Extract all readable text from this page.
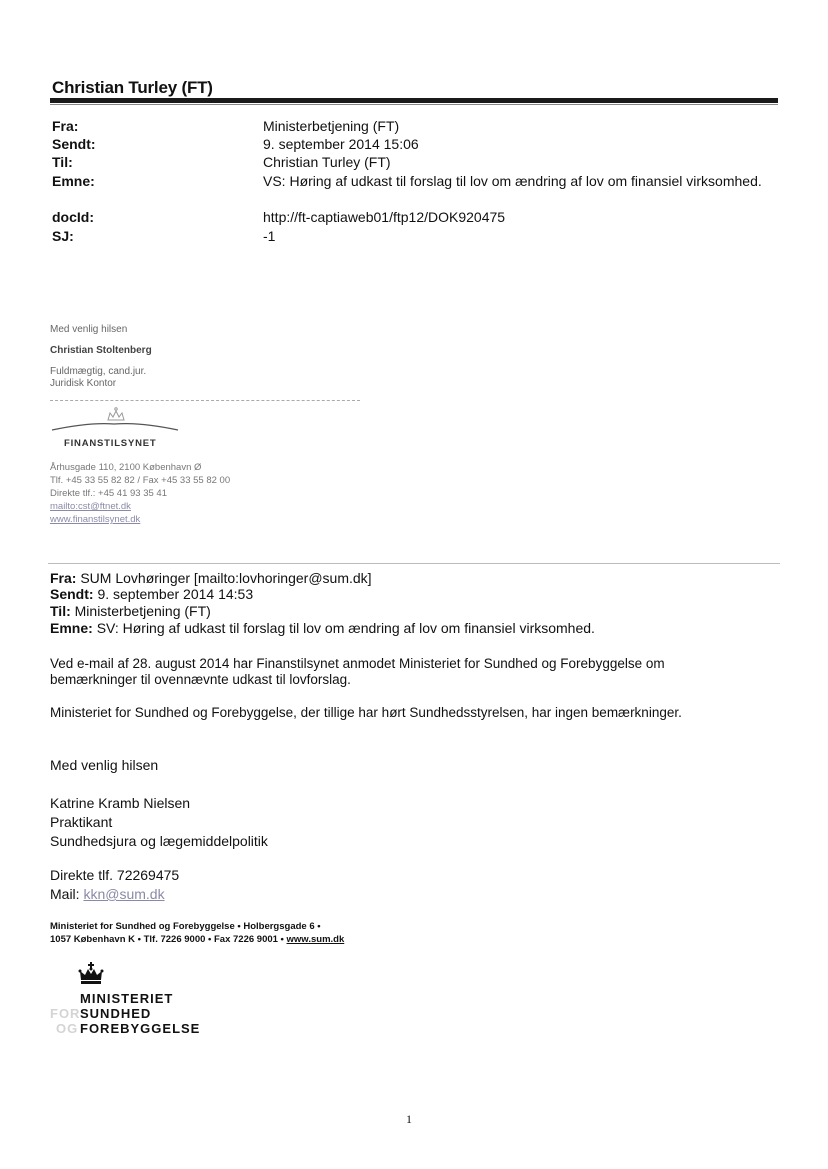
Christian Turley (FT)
Fra:	Ministerbetjening (FT)
Sendt:	9. september 2014 15:06
Til:	Christian Turley (FT)
Emne:	VS: Høring af udkast til forslag til lov om ændring af lov om finansiel virksomhed.
docId:	http://ft-captiaweb01/ftp12/DOK920475
SJ:	-1
Med venlig hilsen
Christian Stoltenberg
Fuldmægtig, cand.jur.
Juridisk Kontor
FINANSTILSYNET
Århusgade 110, 2100 København Ø
Tlf. +45 33 55 82 82 / Fax +45 33 55 82 00
Direkte tlf.: +45 41 93 35 41
mailto:cst@ftnet.dk
www.finanstilsynet.dk
Fra: SUM Lovhøringer [mailto:lovhoringer@sum.dk]
Sendt: 9. september 2014 14:53
Til: Ministerbetjening (FT)
Emne: SV: Høring af udkast til forslag til lov om ændring af lov om finansiel virksomhed.
Ved e-mail af 28. august 2014 har Finanstilsynet anmodet Ministeriet for Sundhed og Forebyggelse om bemærkninger til ovennævnte udkast til lovforslag.
Ministeriet for Sundhed og Forebyggelse, der tillige har hørt Sundhedsstyrelsen, har ingen bemærkninger.
Med venlig hilsen
Katrine Kramb Nielsen
Praktikant
Sundhedsjura og lægemiddelpolitik
Direkte tlf. 72269475
Mail: kkn@sum.dk
Ministeriet for Sundhed og Forebyggelse • Holbergsgade 6 •
1057 København K • Tlf. 7226 9000 • Fax 7226 9001 • www.sum.dk
MINISTERIET
FOR SUNDHED
OG FOREBYGGELSE
1
